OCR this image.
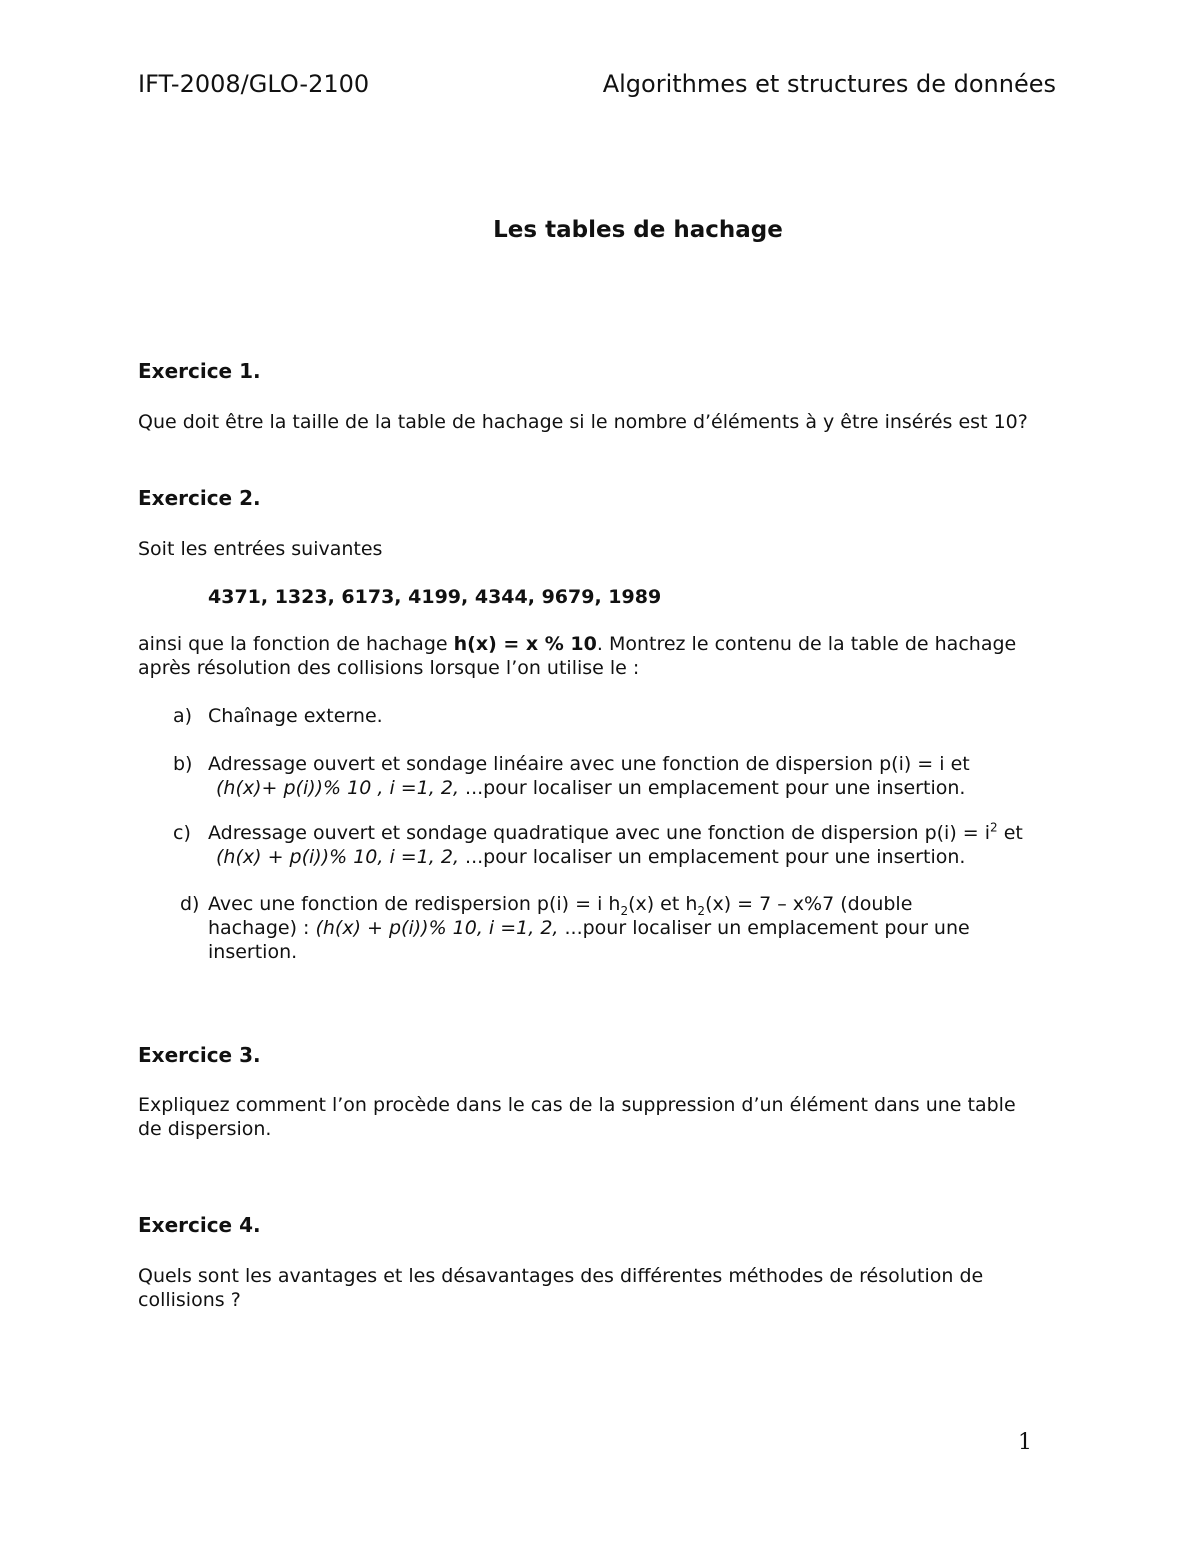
IFT-2008/GLO-2100	Algorithmes et structures de données
Les tables de hachage
Exercice 1.
Que doit être la taille de la table de hachage si le nombre d’éléments à y être insérés est 10?
Exercice 2.
Soit les entrées suivantes
4371, 1323, 6173, 4199, 4344, 9679, 1989
ainsi que la fonction de hachage h(x) = x % 10. Montrez le contenu de la table de hachage
après résolution des collisions lorsque l’on utilise le :
a) Chaînage externe.
b) Adressage ouvert et sondage linéaire avec une fonction de dispersion p(i) = i et
(h(x)+ p(i))% 10 , i =1, 2, ...pour localiser un emplacement pour une insertion.
c) Adressage ouvert et sondage quadratique avec une fonction de dispersion $p(i) = i^2$ et
(h(x) + p(i))% 10, i =1, 2, ...pour localiser un emplacement pour une insertion.
d) Avec une fonction de redispersion p(i) = i $h_2(x)$ et $h_2(x) = 7 - x\%7$ (double
hachage) : (h(x) + p(i))% 10, i =1, 2, ...pour localiser un emplacement pour une
insertion.
Exercice 3.
Expliquez comment l’on procède dans le cas de la suppression d’un élément dans une table
de dispersion.
Exercice 4.
Quels sont les avantages et les désavantages des différentes méthodes de résolution de
collisions ?
1
